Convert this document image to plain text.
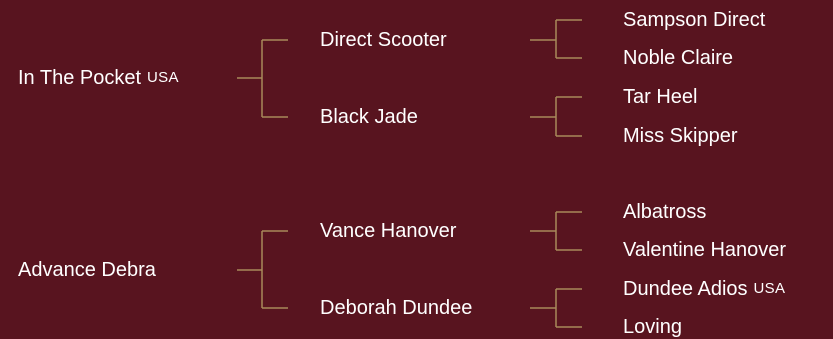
In The Pocket USA
Advance Debra
Direct Scooter
Black Jade
Vance Hanover
Deborah Dundee
Sampson Direct
Noble Claire
Tar Heel
Miss Skipper
Albatross
Valentine Hanover
Dundee Adios USA
Loving
